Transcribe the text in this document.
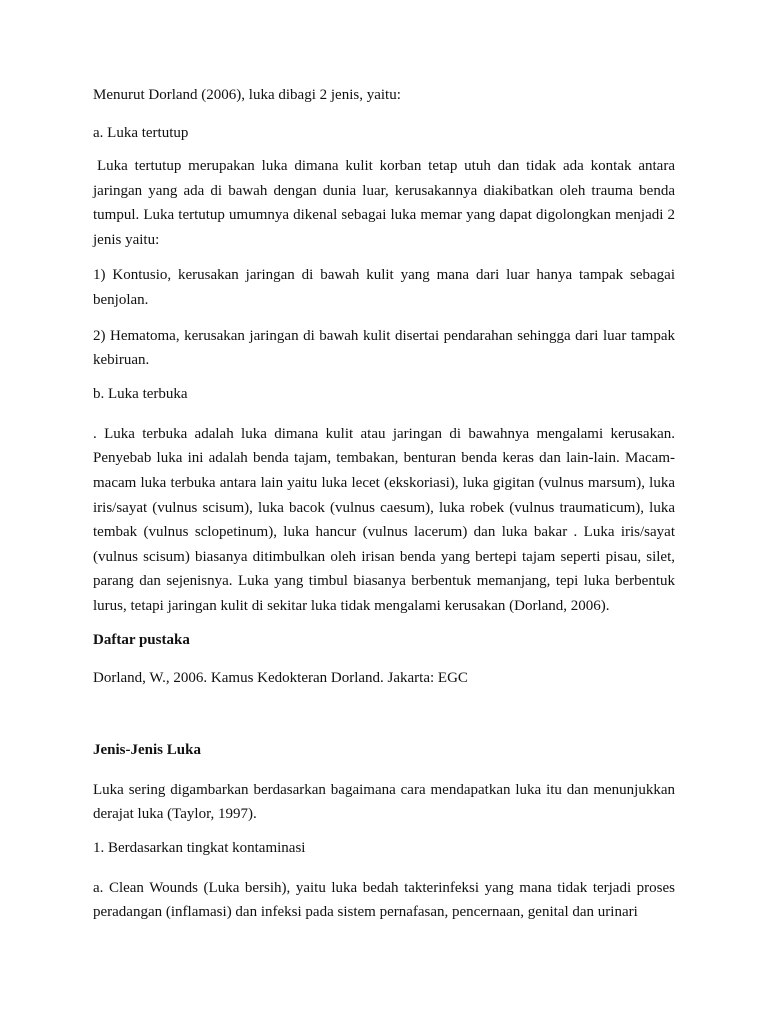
Menurut Dorland (2006), luka dibagi 2 jenis, yaitu:

a. Luka tertutup

Luka tertutup merupakan luka dimana kulit korban tetap utuh dan tidak ada kontak antara jaringan yang ada di bawah dengan dunia luar, kerusakannya diakibatkan oleh trauma benda tumpul. Luka tertutup umumnya dikenal sebagai luka memar yang dapat digolongkan menjadi 2 jenis yaitu:

1) Kontusio, kerusakan jaringan di bawah kulit yang mana dari luar hanya tampak sebagai benjolan.

2) Hematoma, kerusakan jaringan di bawah kulit disertai pendarahan sehingga dari luar tampak kebiruan.

b. Luka terbuka

. Luka terbuka adalah luka dimana kulit atau jaringan di bawahnya mengalami kerusakan. Penyebab luka ini adalah benda tajam, tembakan, benturan benda keras dan lain-lain. Macam-macam luka terbuka antara lain yaitu luka lecet (ekskoriasi), luka gigitan (vulnus marsum), luka iris/sayat (vulnus scisum), luka bacok (vulnus caesum), luka robek (vulnus traumaticum), luka tembak (vulnus sclopetinum), luka hancur (vulnus lacerum) dan luka bakar . Luka iris/sayat (vulnus scisum) biasanya ditimbulkan oleh irisan benda yang bertepi tajam seperti pisau, silet, parang dan sejenisnya. Luka yang timbul biasanya berbentuk memanjang, tepi luka berbentuk lurus, tetapi jaringan kulit di sekitar luka tidak mengalami kerusakan (Dorland, 2006).

Daftar pustaka

Dorland, W., 2006. Kamus Kedokteran Dorland. Jakarta: EGC

Jenis-Jenis Luka

Luka sering digambarkan berdasarkan bagaimana cara mendapatkan luka itu dan menunjukkan derajat luka (Taylor, 1997).

1. Berdasarkan tingkat kontaminasi

a. Clean Wounds (Luka bersih), yaitu luka bedah takterinfeksi yang mana tidak terjadi proses peradangan (inflamasi) dan infeksi pada sistem pernafasan, pencernaan, genital dan urinari
